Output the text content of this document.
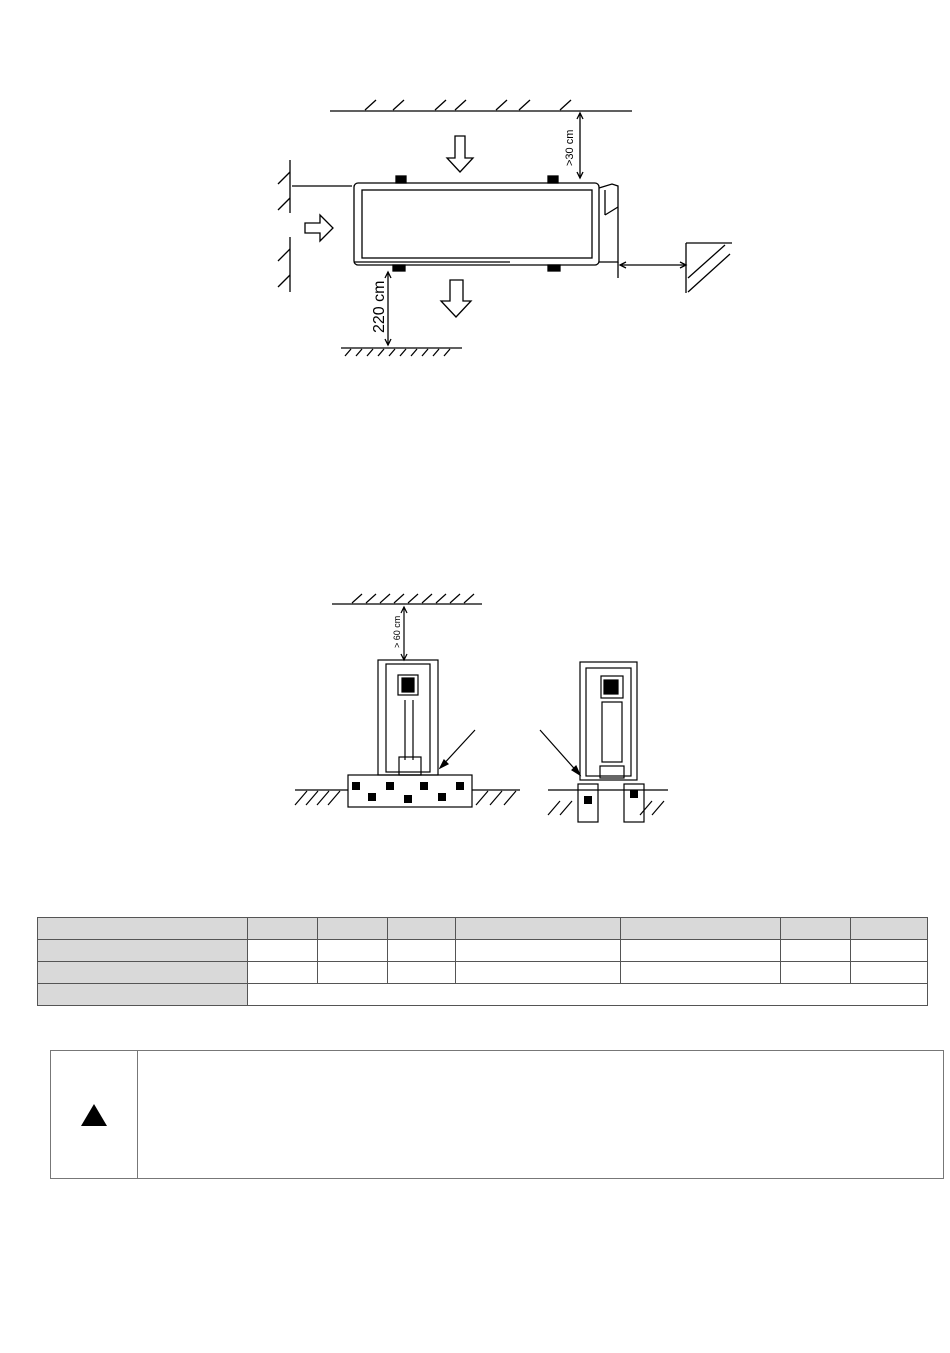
>30 cm
220 cm
> 60 cm
